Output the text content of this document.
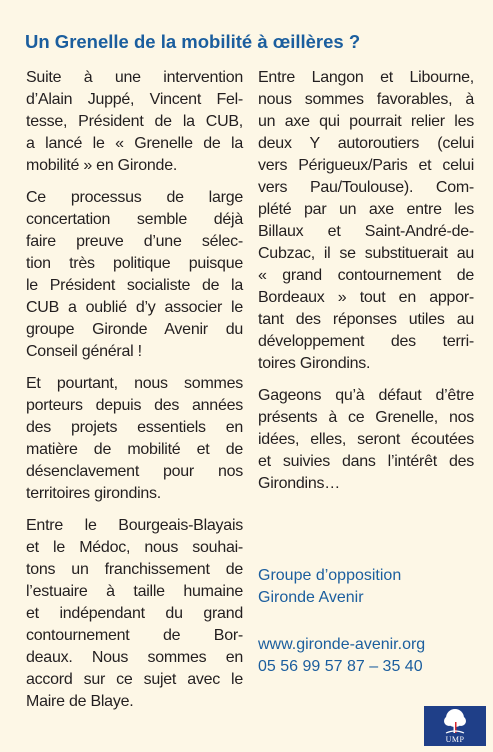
Un Grenelle de la mobilité à œillères ?

Suite à une intervention
d’Alain Juppé, Vincent Fel-
tesse, Président de la CUB,
a lancé le « Grenelle de la
mobilité » en Gironde.

Ce processus de large
concertation semble déjà
faire preuve d’une sélec-
tion très politique puisque
le Président socialiste de la
CUB a oublié d’y associer le
groupe Gironde Avenir du
Conseil général !

Et pourtant, nous sommes
porteurs depuis des années
des projets essentiels en
matière de mobilité et de
désenclavement pour nos
territoires girondins.

Entre le Bourgeais-Blayais
et le Médoc, nous souhai-
tons un franchissement de
l’estuaire à taille humaine
et indépendant du grand
contournement de Bor-
deaux. Nous sommes en
accord sur ce sujet avec le
Maire de Blaye.

Entre Langon et Libourne,
nous sommes favorables, à
un axe qui pourrait relier les
deux Y autoroutiers (celui
vers Périgueux/Paris et celui
vers Pau/Toulouse). Com-
plété par un axe entre les
Billaux et Saint-André-de-
Cubzac, il se substituerait au
« grand contournement de
Bordeaux » tout en appor-
tant des réponses utiles au
développement des terri-
toires Girondins.

Gageons qu’à défaut d’être
présents à ce Grenelle, nos
idées, elles, seront écoutées
et suivies dans l’intérêt des
Girondins…

Groupe d’opposition
Gironde Avenir
www.gironde-avenir.org
05 56 99 57 87 – 35 40
UMP
